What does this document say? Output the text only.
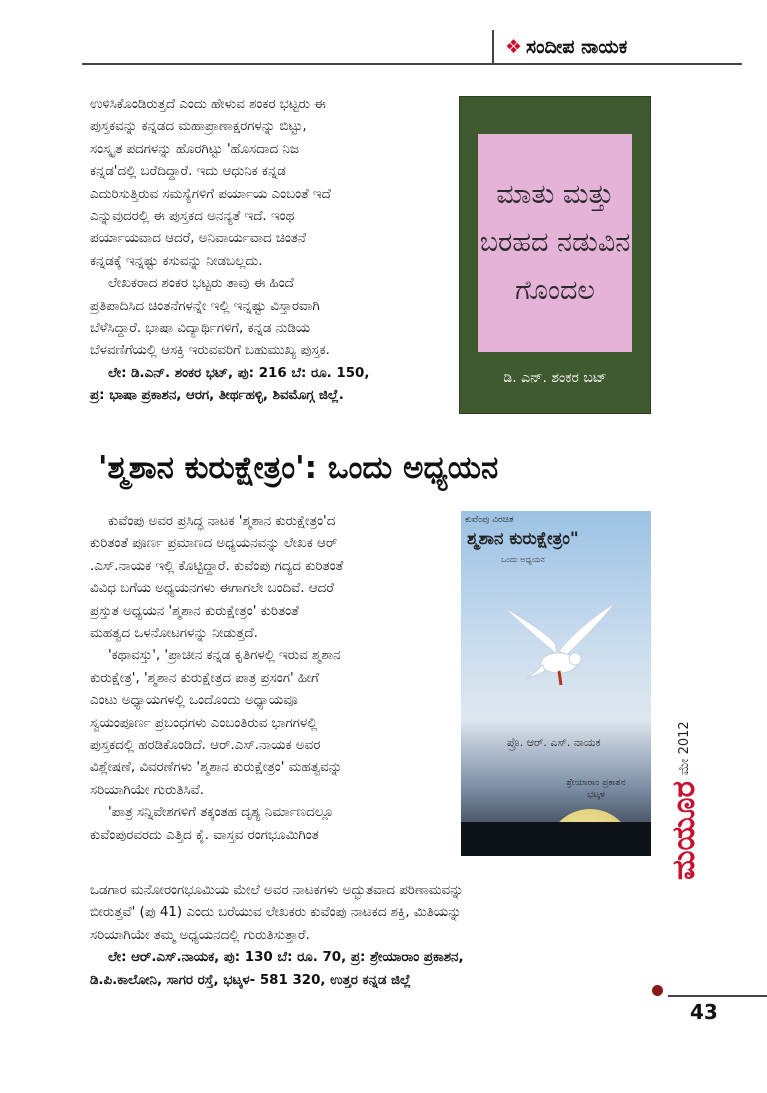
❖ ಸಂದೀಪ ನಾಯಕ
ಉಳಿಸಿಕೊಂಡಿರುತ್ತದೆ ಎಂದು ಹೇಳುವ ಶಂಕರ ಭಟ್ಟರು ಈ
ಪುಸ್ತಕವನ್ನು ಕನ್ನಡದ ಮಹಾಪ್ರಾಣಾಕ್ಷರಗಳನ್ನು ಬಿಟ್ಟು,
ಸಂಸ್ಕೃತ ಪದಗಳನ್ನು ಹೊರಗಿಟ್ಟು 'ಹೊಸದಾದ ನಿಜ
ಕನ್ನಡ'ದಲ್ಲಿ ಬರೆದಿದ್ದಾರೆ. ಇದು ಆಧುನಿಕ ಕನ್ನಡ
ಎದುರಿಸುತ್ತಿರುವ ಸಮಸ್ಯೆಗಳಿಗೆ ಪರ್ಯಾಯ ಎಂಬಂತೆ ಇದೆ
ಎನ್ನುವುದರಲ್ಲಿ ಈ ಪುಸ್ತಕದ ಅನನ್ಯತೆ ಇದೆ. ಇಂಥ
ಪರ್ಯಾಯವಾದ ಆದರೆ, ಅನಿವಾರ್ಯವಾದ ಚಿಂತನೆ
ಕನ್ನಡಕ್ಕೆ ಇನ್ನಷ್ಟು ಕಸುವನ್ನು ನೀಡಬಲ್ಲದು.
ಲೇಖಕರಾದ ಶಂಕರ ಭಟ್ಟರು ತಾವು ಈ ಹಿಂದೆ
ಪ್ರತಿಪಾದಿಸಿದ ಚಿಂತನೆಗಳನ್ನೇ ಇಲ್ಲಿ ಇನ್ನಷ್ಟು ವಿಸ್ತಾರವಾಗಿ
ಬೆಳೆಸಿದ್ದಾರೆ. ಭಾಷಾ ವಿದ್ಯಾರ್ಥಿಗಳಿಗೆ, ಕನ್ನಡ ನುಡಿಯ
ಬೆಳವಣಿಗೆಯಲ್ಲಿ ಆಸಕ್ತಿ ಇರುವವರಿಗೆ ಬಹುಮುಖ್ಯ ಪುಸ್ತಕ.
ಲೇ: ಡಿ.ಎನ್. ಶಂಕರ ಭಟ್, ಪು: 216 ಬೆ: ರೂ. 150,
ಪ್ರ: ಭಾಷಾ ಪ್ರಕಾಶನ, ಆರಗ, ತೀರ್ಥಹಳ್ಳಿ, ಶಿವಮೊಗ್ಗ ಜಿಲ್ಲೆ.
ಮಾತು ಮತ್ತು
ಬರಹದ ನಡುವಿನ
ಗೊಂದಲ
ಡಿ. ಎನ್. ಶಂಕರ ಬಟ್
'ಶ್ಮಶಾನ ಕುರುಕ್ಷೇತ್ರಂ': ಒಂದು ಅಧ್ಯಯನ
ಕುವೆಂಪು ಅವರ ಪ್ರಸಿದ್ಧ ನಾಟಕ 'ಶ್ಮಶಾನ ಕುರುಕ್ಷೇತ್ರಂ'ದ
ಕುರಿತಂತೆ ಪೂರ್ಣ ಪ್ರಮಾಣದ ಅಧ್ಯಯನವನ್ನು ಲೇಖಕ ಆರ್
.ಎಸ್.ನಾಯಕ ಇಲ್ಲಿ ಕೊಟ್ಟಿದ್ದಾರೆ. ಕುವೆಂಪು ಗದ್ಯದ ಕುರಿತಂತೆ
ವಿವಿಧ ಬಗೆಯ ಅಧ್ಯಯನಗಳು ಈಗಾಗಲೇ ಬಂದಿವೆ. ಆದರೆ
ಪ್ರಸ್ತುತ ಅಧ್ಯಯನ 'ಶ್ಮಶಾನ ಕುರುಕ್ಷೇತ್ರಂ' ಕುರಿತಂತೆ
ಮಹತ್ವದ ಒಳನೋಟಗಳನ್ನು ನೀಡುತ್ತದೆ.
'ಕಥಾವಸ್ತು', 'ಪ್ರಾಚೀನ ಕನ್ನಡ ಕೃತಿಗಳಲ್ಲಿ ಇರುವ ಶ್ಮಶಾನ
ಕುರುಕ್ಷೇತ್ರ', 'ಶ್ಮಶಾನ ಕುರುಕ್ಷೇತ್ರದ ಪಾತ್ರ ಪ್ರಸಂಗ' ಹೀಗೆ
ಎಂಟು ಅಧ್ಯಾಯಗಳಲ್ಲಿ ಒಂದೊಂದು ಅಧ್ಯಾಯವೂ
ಸ್ವಯಂಪೂರ್ಣ ಪ್ರಬಂಧಗಳು ಎಂಬಂತಿರುವ ಭಾಗಗಳಲ್ಲಿ
ಪುಸ್ತಕದಲ್ಲಿ ಹರಡಿಕೊಂಡಿದೆ. ಆರ್.ಎಸ್.ನಾಯಕ ಅವರ
ವಿಶ್ಲೇಷಣೆ, ವಿವರಣೆಗಳು 'ಶ್ಮಶಾನ ಕುರುಕ್ಷೇತ್ರಂ' ಮಹತ್ವವನ್ನು
ಸರಿಯಾಗಿಯೇ ಗುರುತಿಸಿವೆ.
'ಪಾತ್ರ ಸನ್ನಿವೇಶಗಳಿಗೆ ತಕ್ಕಂತಹ ದೃಶ್ಯ ನಿರ್ಮಾಣದಲ್ಲೂ
ಕುವೆಂಪುರವರದು ಎತ್ತಿದ ಕೈ. ವಾಸ್ತವ ರಂಗಭೂಮಿಗಿಂತ
ಒಡಗಾರ ಮನೋರಂಗಭೂಮಿಯ ಮೇಲೆ ಅವರ ನಾಟಕಗಳು ಅದ್ಭುತವಾದ ಪರಿಣಾಮವನ್ನು
ಬೀರುತ್ತವೆ' (ಪು 41) ಎಂದು ಬರೆಯುವ ಲೇಖಕರು ಕುವೆಂಪು ನಾಟಕದ ಶಕ್ತಿ, ಮಿತಿಯನ್ನು
ಸರಿಯಾಗಿಯೇ ತಮ್ಮ ಅಧ್ಯಯನದಲ್ಲಿ ಗುರುತಿಸುತ್ತಾರೆ.
ಲೇ: ಆರ್.ಎಸ್.ನಾಯಕ, ಪು: 130 ಬೆ: ರೂ. 70, ಪ್ರ: ಶ್ರೇಯಾರಾಂ ಪ್ರಕಾಶನ,
ಡಿ.ಪಿ.ಕಾಲೋನಿ, ಸಾಗರ ರಸ್ತೆ, ಭಟ್ಕಳ- 581 320, ಉತ್ತರ ಕನ್ನಡ ಜಿಲ್ಲೆ
ಕುವೆಂಪು ವಿರಚಿತ
ಶ್ಮಶಾನ ಕುರುಕ್ಷೇತ್ರಂ"
ಒಂದು ಅಧ್ಯಯನ
ಪ್ರೊ. ಆರ್. ಎಸ್. ನಾಯಕ
ಶ್ರೇಯಾರಾಂ ಪ್ರಕಾಶನ
ಭಟ್ಕಳ	ಮಯೂರ
ಮೇ 2012
43
